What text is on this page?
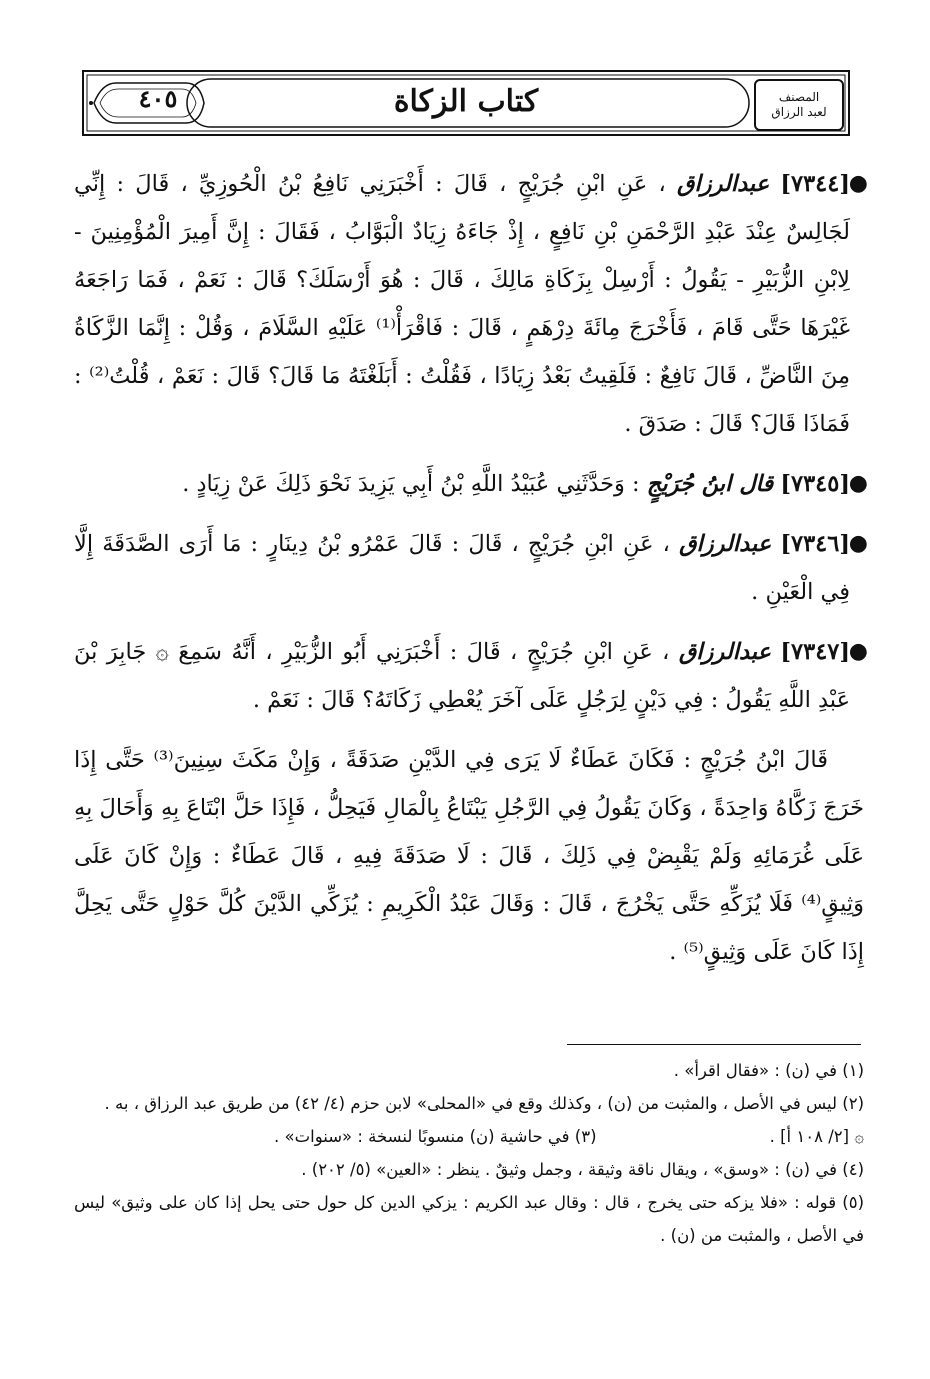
كتاب الزكاة
٤٠٥	المصنف
لعبد الرزاق

●
[٧٣٤٤] عبدالرزاق ، عَنِ ابْنِ جُرَيْجٍ ، قَالَ : أَخْبَرَنِي نَافِعُ بْنُ الْحُوزِيِّ ، قَالَ : إِنِّي لَجَالِسٌ عِنْدَ عَبْدِ الرَّحْمَنِ بْنِ نَافِعٍ ، إِذْ جَاءَهُ زِيَادٌ الْبَوَّابُ ، فَقَالَ : إِنَّ أَمِيرَ الْمُؤْمِنِينَ - لِابْنِ الزُّبَيْرِ - يَقُولُ : أَرْسِلْ بِزَكَاةِ مَالِكَ ، قَالَ : هُوَ أَرْسَلَكَ؟ قَالَ : نَعَمْ ، فَمَا رَاجَعَهُ غَيْرَهَا حَتَّى قَامَ ، فَأَخْرَجَ مِائَةَ دِرْهَمٍ ، قَالَ : فَاقْرَأْ⁽¹⁾ عَلَيْهِ السَّلَامَ ، وَقُلْ : إِنَّمَا الزَّكَاةُ مِنَ النَّاضِّ ، قَالَ نَافِعٌ : فَلَقِيتُ بَعْدُ زِيَادًا ، فَقُلْتُ : أَبَلَغْتَهُ مَا قَالَ؟ قَالَ : نَعَمْ ، قُلْتُ⁽²⁾ : فَمَاذَا قَالَ؟ قَالَ : صَدَقَ .

●
[٧٣٤٥] قال ابنُ جُرَيْجٍ : وَحَدَّثَنِي عُبَيْدُ اللَّهِ بْنُ أَبِي يَزِيدَ نَحْوَ ذَلِكَ عَنْ زِيَادٍ .

●
[٧٣٤٦] عبدالرزاق ، عَنِ ابْنِ جُرَيْجٍ ، قَالَ : قَالَ عَمْرُو بْنُ دِينَارٍ : مَا أَرَى الصَّدَقَةَ إِلَّا فِي الْعَيْنِ .

●
[٧٣٤٧] عبدالرزاق ، عَنِ ابْنِ جُرَيْجٍ ، قَالَ : أَخْبَرَنِي أَبُو الزُّبَيْرِ ، أَنَّهُ سَمِعَ ۞ جَابِرَ بْنَ عَبْدِ اللَّهِ يَقُولُ : فِي دَيْنٍ لِرَجُلٍ عَلَى آخَرَ يُعْطِي زَكَاتَهُ؟ قَالَ : نَعَمْ .

قَالَ ابْنُ جُرَيْجٍ : فَكَانَ عَطَاءٌ لَا يَرَى فِي الدَّيْنِ صَدَقَةً ، وَإِنْ مَكَثَ سِنِينَ⁽³⁾ حَتَّى إِذَا خَرَجَ زَكَّاهُ وَاحِدَةً ، وَكَانَ يَقُولُ فِي الرَّجُلِ يَبْتَاعُ بِالْمَالِ فَيَحِلُّ ، فَإِذَا حَلَّ ابْتَاعَ بِهِ وَأَحَالَ بِهِ عَلَى غُرَمَائِهِ وَلَمْ يَقْبِضْ فِي ذَلِكَ ، قَالَ : لَا صَدَقَةَ فِيهِ ، قَالَ عَطَاءٌ : وَإِنْ كَانَ عَلَى وَثِيقٍ⁽⁴⁾ فَلَا يُزَكِّهِ حَتَّى يَخْرُجَ ، قَالَ : وَقَالَ عَبْدُ الْكَرِيمِ : يُزَكِّي الدَّيْنَ كُلَّ حَوْلٍ حَتَّى يَحِلَّ إِذَا كَانَ عَلَى وَثِيقٍ⁽⁵⁾ .

(١) في (ن) : «فقال اقرأ» .

(٢) ليس في الأصل ، والمثبت من (ن) ، وكذلك وقع في «المحلى» لابن حزم (٤/ ٤٢) من طريق عبد الرزاق ، به .

۞ [٢/ ١٠٨ أ] .
(٣) في حاشية (ن) منسوبًا لنسخة : «سنوات» .

(٤) في (ن) : «وسق» ، ويقال ناقة وثيقة ، وجمل وثيقٌ . ينظر : «العين» (٥/ ٢٠٢) .

(٥) قوله : «فلا يزكه حتى يخرج ، قال : وقال عبد الكريم : يزكي الدين كل حول حتى يحل إذا كان على وثيق» ليس في الأصل ، والمثبت من (ن) .
